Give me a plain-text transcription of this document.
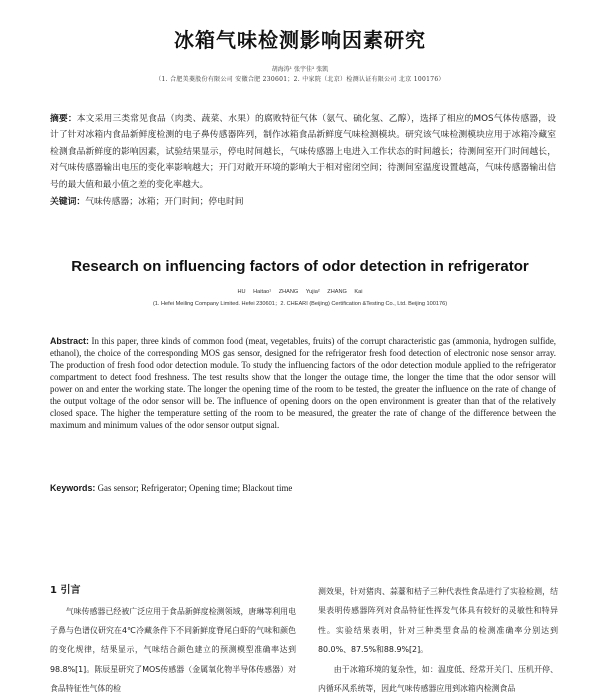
冰箱气味检测影响因素研究
胡海涛¹ 张宇佳² 张凯
（1. 合肥美菱股份有限公司 安徽合肥 230601；2. 中家院（北京）检测认证有限公司 北京 100176）
摘要：本文采用三类常见食品（肉类、蔬菜、水果）的腐败特征气体（氨气、硫化氢、乙醇），选择了相应的MOS气体传感器，设计了针对冰箱内食品新鲜度检测的电子鼻传感器阵列，制作冰箱食品新鲜度气味检测模块。研究该气味检测模块应用于冰箱冷藏室检测食品新鲜度的影响因素，试验结果显示，停电时间越长，气味传感器上电进入工作状态的时间越长；待测间室开门时间越长，对气味传感器输出电压的变化率影响越大；开门对敞开环境的影响大于相对密闭空间；待测间室温度设置越高，气味传感器输出信号的最大值和最小值之差的变化率越大。
关键词：气味传感器；冰箱；开门时间；停电时间
Research on influencing factors of odor detection in refrigerator
HU Haitao¹ ZHANG Yujia² ZHANG Kai
(1. Hefei Meiling Company Limited. Hefei 230601；2. CHEARI (Beijing) Certification &Testing Co., Ltd. Beijing 100176)
Abstract: In this paper, three kinds of common food (meat, vegetables, fruits) of the corrupt characteristic gas (ammonia, hydrogen sulfide, ethanol), the choice of the corresponding MOS gas sensor, designed for the refrigerator fresh food detection of electronic nose sensor array. The production of fresh food odor detection module. To study the influencing factors of the odor detection module applied to the refrigerator compartment to detect food freshness. The test results show that the longer the outage time, the longer the time that the odor sensor will power on and enter the working state. The longer the opening time of the room to be tested, the greater the influence on the rate of change of the output voltage of the odor sensor will be. The influence of opening doors on the open environment is greater than that of the relatively closed space. The higher the temperature setting of the room to be measured, the greater the rate of change of the difference between the maximum and minimum values of the odor sensor output signal.
Keywords: Gas sensor; Refrigerator; Opening time; Blackout time
1 引言

气味传感器已经被广泛应用于食品新鲜度检测领域，唐琳等利用电子鼻与色谱仪研究在4℃冷藏条件下不同新鲜度脊尾白虾的气味和颜色的变化规律，结果显示，气味结合颜色建立的预测模型准确率达到98.8%[1]。陈辰星研究了MOS传感器（金属氧化物半导体传感器）对食品特征性气体的检

测效果，针对猪肉、蒜薹和桔子三种代表性食品进行了实验检测，结果表明传感器阵列对食品特征性挥发气体具有较好的灵敏性和特异性。实验结果表明，针对三种类型食品的检测准确率分别达到80.0%、87.5%和88.9%[2]。

由于冰箱环境的复杂性，如：温度低、经常开关门、压机开停、内循环风系统等，因此气味传感器应用到冰箱内检测食品
